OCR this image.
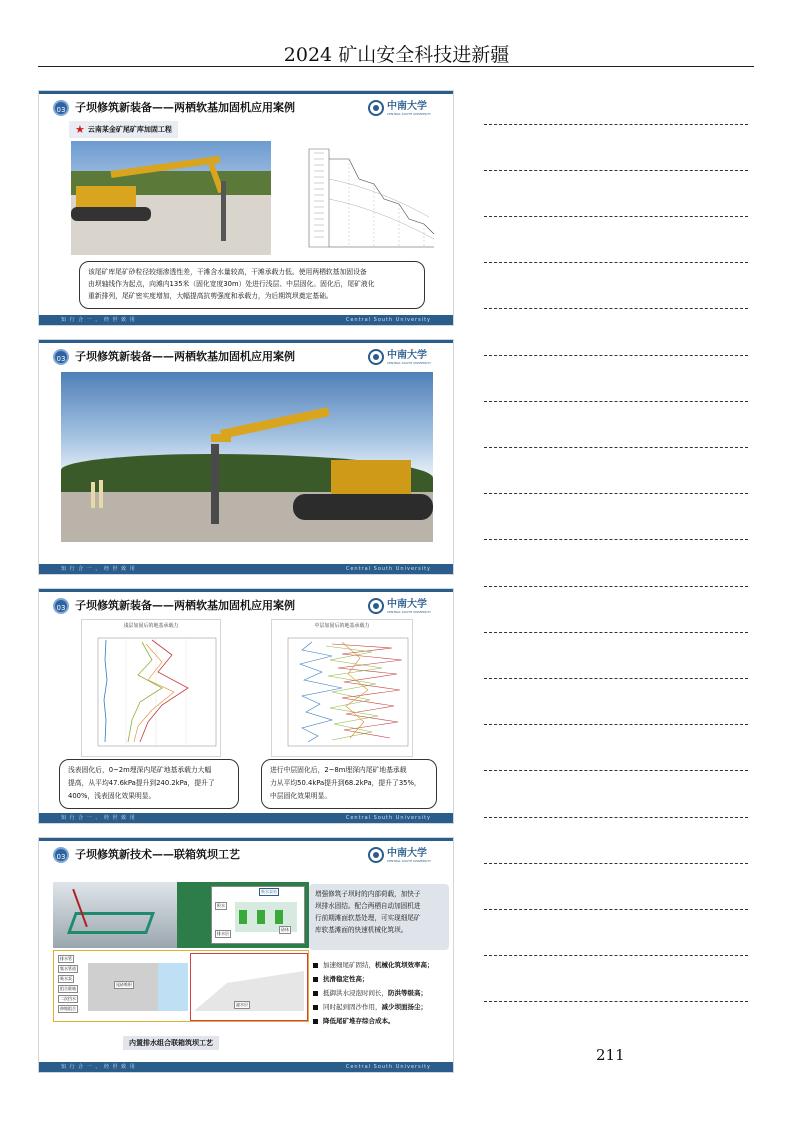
2024 矿山安全科技进新疆
03 子坝修筑新装备——两栖软基加固机应用案例	中南大学
CENTRAL SOUTH UNIVERSITY
★ 云南某金矿尾矿库加固工程
该尾矿库尾矿砂粒径较细渗透性差，干滩含水量较高，干滩承载力低。使用两栖软基加固设备
由坝轴线作为起点，向滩内135米（固化宽度30m）处进行浅层、中层固化。固化后，尾矿液化
重新排列，尾矿密实度增加，大幅提高抗剪强度和承载力，为后期筑坝奠定基础。
知 行 合 一 、 经 世 致 用	Central South University
03 子坝修筑新装备——两栖软基加固机应用案例	中南大学
CENTRAL SOUTH UNIVERSITY
知 行 合 一 、 经 世 致 用	Central South University
03 子坝修筑新装备——两栖软基加固机应用案例	中南大学
CENTRAL SOUTH UNIVERSITY
浅层加固后的地基承载力	中层加固后的地基承载力
浅表固化后，0~2m埋深内尾矿地基承载力大幅
提高，从平均47.6kPa提升到240.2kPa，提升了
400%，浅表固化效果明显。
进行中层固化后，2~8m埋深内尾矿地基承载
力从平均50.4kPa提升到68.2kPa，提升了35%，
中层固化效果明显。
知 行 合 一 、 经 世 致 用	Central South University
03 子坝修筑新技术——联箱筑坝工艺	中南大学
CENTRAL SOUTH UNIVERSITY
积水
吸水泵站
排水层
砂体
排水管
集水管道
吸水泵
组合联箱
二次挡水
伸缩组合
尾砂堆积
滤水层
增强修筑子坝时的内部荷载，加快子
坝排水固结。配合两栖自动加固机进
行前期滩面软基处理，可实现细尾矿
库软基滩面的快速机械化筑坝。
加速细尾矿固结，机械化筑坝效率高；
抗滑稳定性高；
抵御洪水浸泡时间长，防洪等级高；
同时起到固沙作用，减少坝面扬尘；
降低尾矿堆存综合成本。
内置排水组合联箱筑坝工艺
知 行 合 一 、 经 世 致 用	Central South University
211
